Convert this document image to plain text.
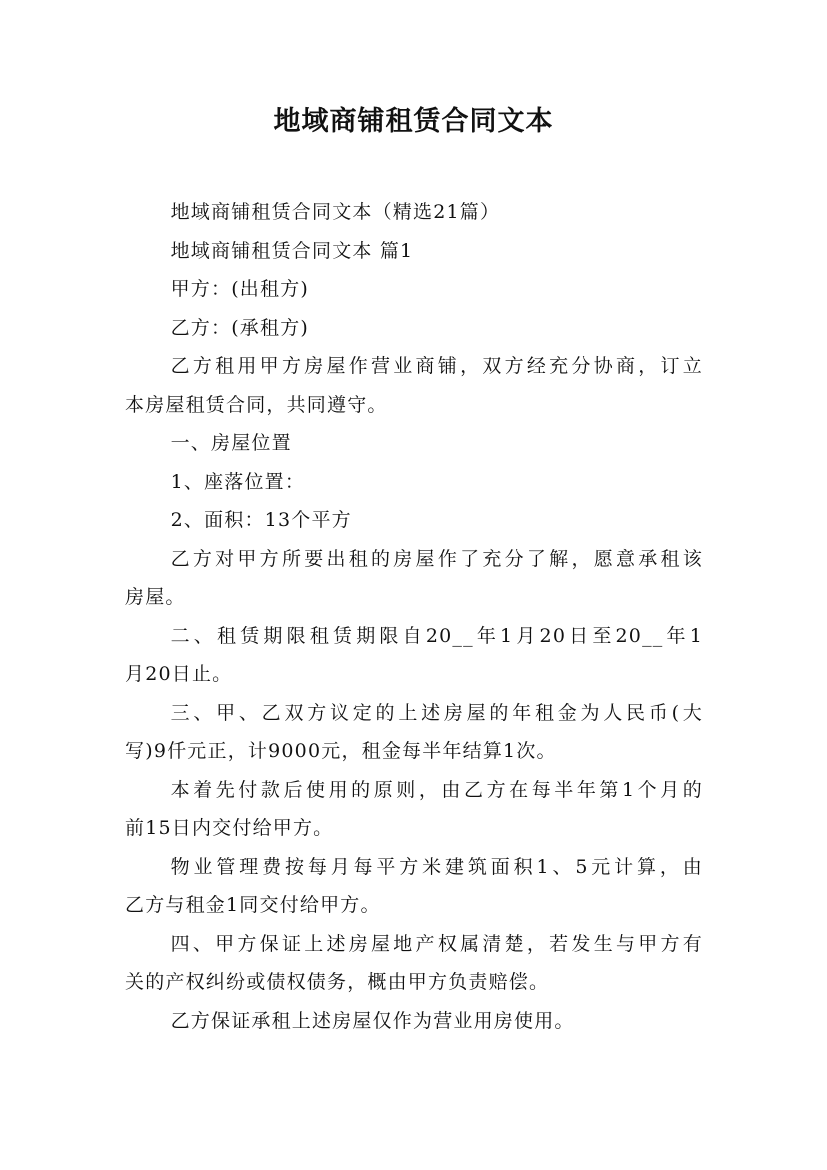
地域商铺租赁合同文本
地域商铺租赁合同文本（精选21篇）
地域商铺租赁合同文本 篇1
甲方：(出租方)
乙方：(承租方)
乙方租用甲方房屋作营业商铺，双方经充分协商，订立
本房屋租赁合同，共同遵守。
一、房屋位置
1、座落位置：
2、面积：13个平方
乙方对甲方所要出租的房屋作了充分了解，愿意承租该
房屋。
二、租赁期限租赁期限自20__年1月20日至20__年1
月20日止。
三、甲、乙双方议定的上述房屋的年租金为人民币(大
写)9仟元正，计9000元，租金每半年结算1次。
本着先付款后使用的原则，由乙方在每半年第1个月的
前15日内交付给甲方。
物业管理费按每月每平方米建筑面积1、5元计算，由
乙方与租金1同交付给甲方。
四、甲方保证上述房屋地产权属清楚，若发生与甲方有
关的产权纠纷或债权债务，概由甲方负责赔偿。
乙方保证承租上述房屋仅作为营业用房使用。
